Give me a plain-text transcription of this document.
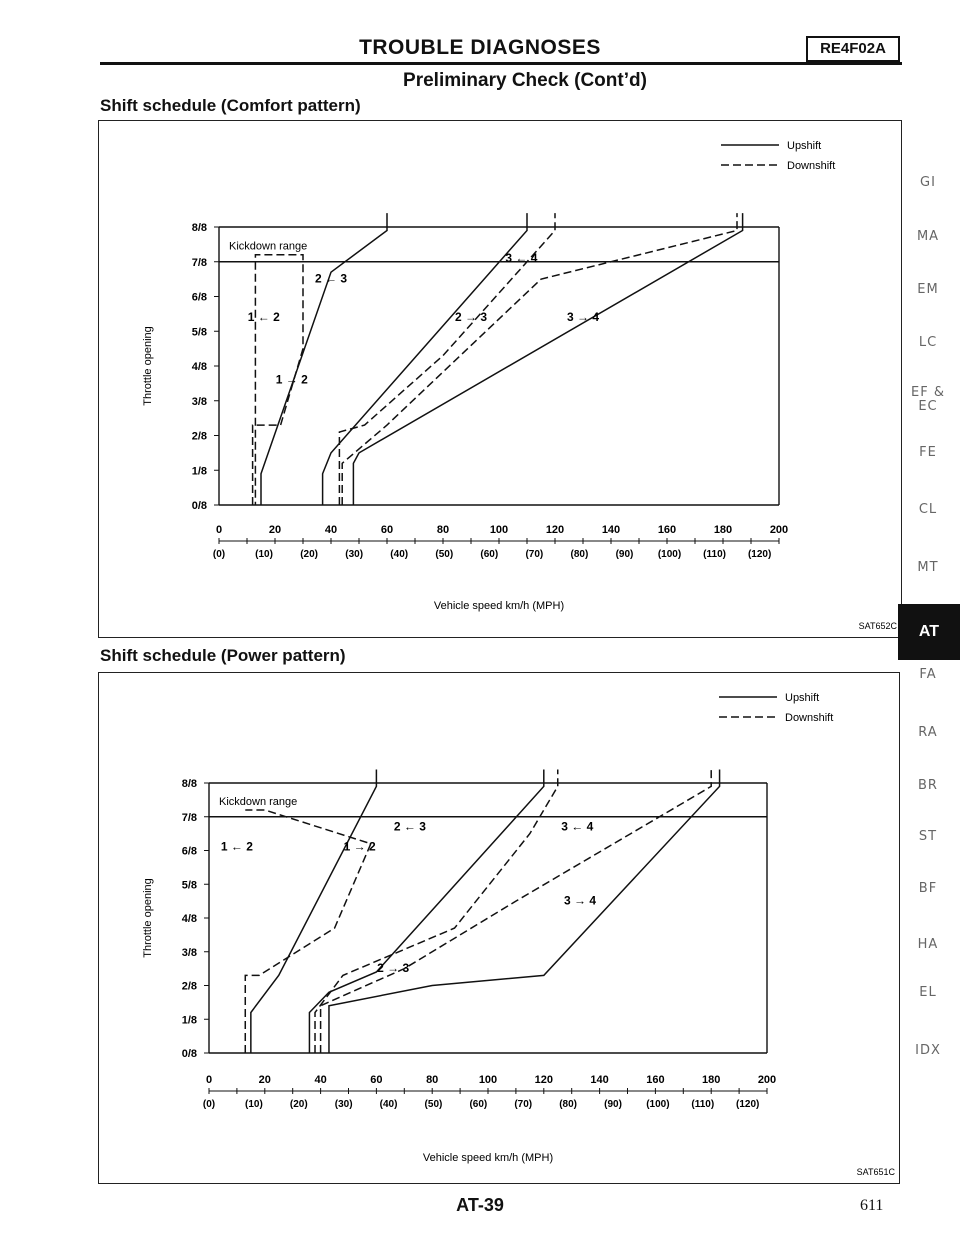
TROUBLE DIAGNOSES	RE4F02A
Preliminary Check (Cont’d)
Shift schedule (Comfort pattern)
0/8
1/8
2/8
3/8
4/8
5/8
6/8
7/8
8/8
0	20	40	60	80	100	120	140	160	180	200
(0)	(10)	(20)	(30)	(40)	(50)	(60)	(70)	(80)	(90) (100) (110) (120)
Vehicle speed km/h (MPH)
Throttle opening
Kickdown range
Upshift
Downshift
1 ← 2
1 → 2
2 ← 3
2 → 3
3 ← 4
3 → 4
SAT652C
Shift schedule (Power pattern)
0/8
1/8
2/8
3/8
4/8
5/8
6/8
7/8
8/8
0	20	40	60	80	100	120	140	160	180	200
(0)	(10)	(20)	(30)	(40)	(50)	(60)	(70)	(80)	(90) (100) (110) (120)
Vehicle speed km/h (MPH)
Throttle opening
Kickdown range
Upshift
Downshift
1 ← 2	1 → 2
2 ← 3
2 → 3
3 ← 4
3 → 4
SAT651C
GI
MA
EM
LC
EF &
EC
FE
CL
MT
AT
FA
RA
BR
ST
BF
HA
EL
IDX
AT-39	611
